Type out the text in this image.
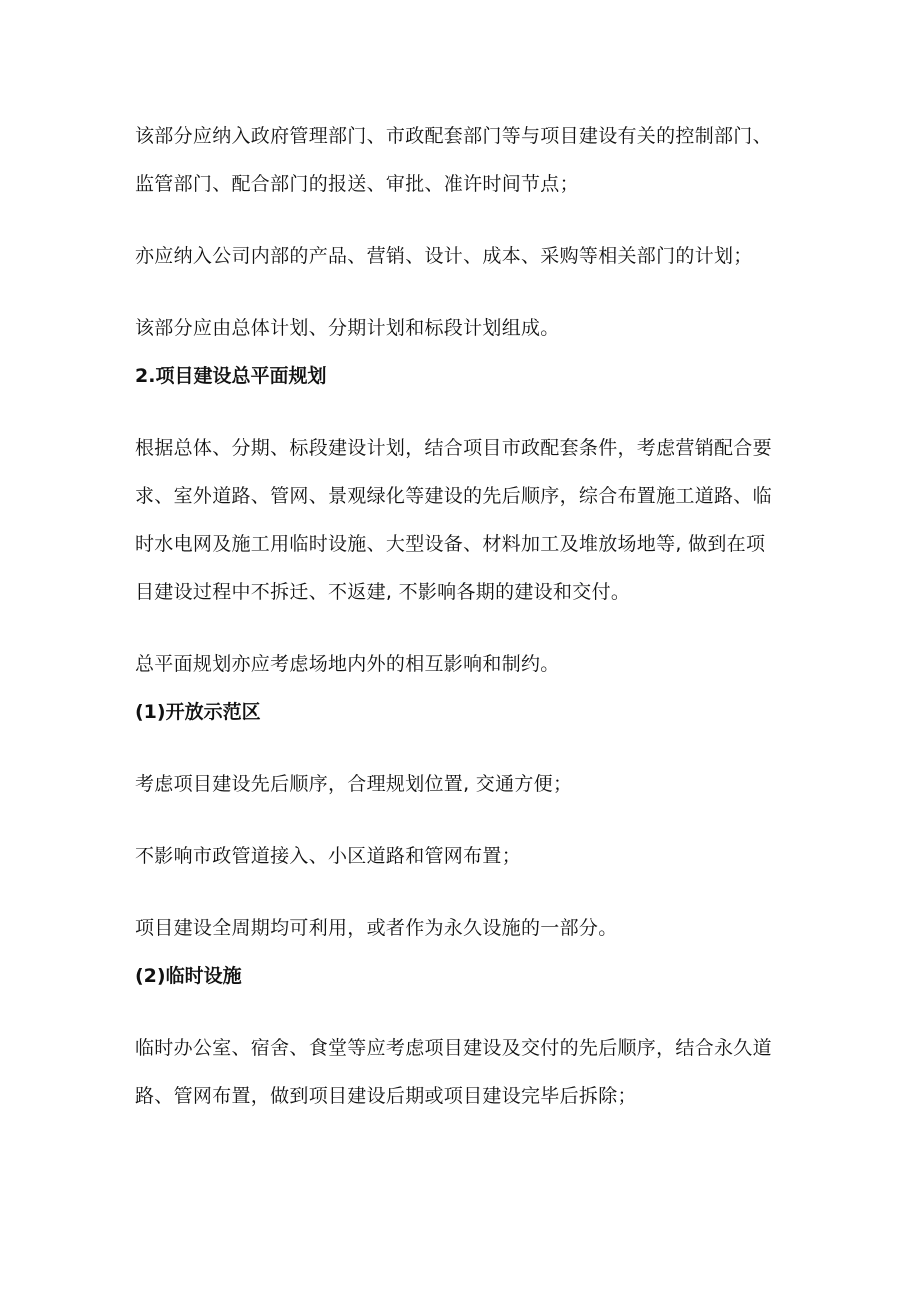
该部分应纳入政府管理部门、市政配套部门等与项目建设有关的控制部门、
监管部门、配合部门的报送、审批、准许时间节点；
亦应纳入公司内部的产品、营销、设计、成本、采购等相关部门的计划；
该部分应由总体计划、分期计划和标段计划组成。
2.项目建设总平面规划
根据总体、分期、标段建设计划，结合项目市政配套条件，考虑营销配合要
求、室外道路、管网、景观绿化等建设的先后顺序，综合布置施工道路、临
时水电网及施工用临时设施、大型设备、材料加工及堆放场地等, 做到在项
目建设过程中不拆迁、不返建, 不影响各期的建设和交付。
总平面规划亦应考虑场地内外的相互影响和制约。
(1)开放示范区
考虑项目建设先后顺序，合理规划位置, 交通方便；
不影响市政管道接入、小区道路和管网布置；
项目建设全周期均可利用，或者作为永久设施的一部分。
(2)临时设施
临时办公室、宿舍、食堂等应考虑项目建设及交付的先后顺序，结合永久道
路、管网布置，做到项目建设后期或项目建设完毕后拆除；
